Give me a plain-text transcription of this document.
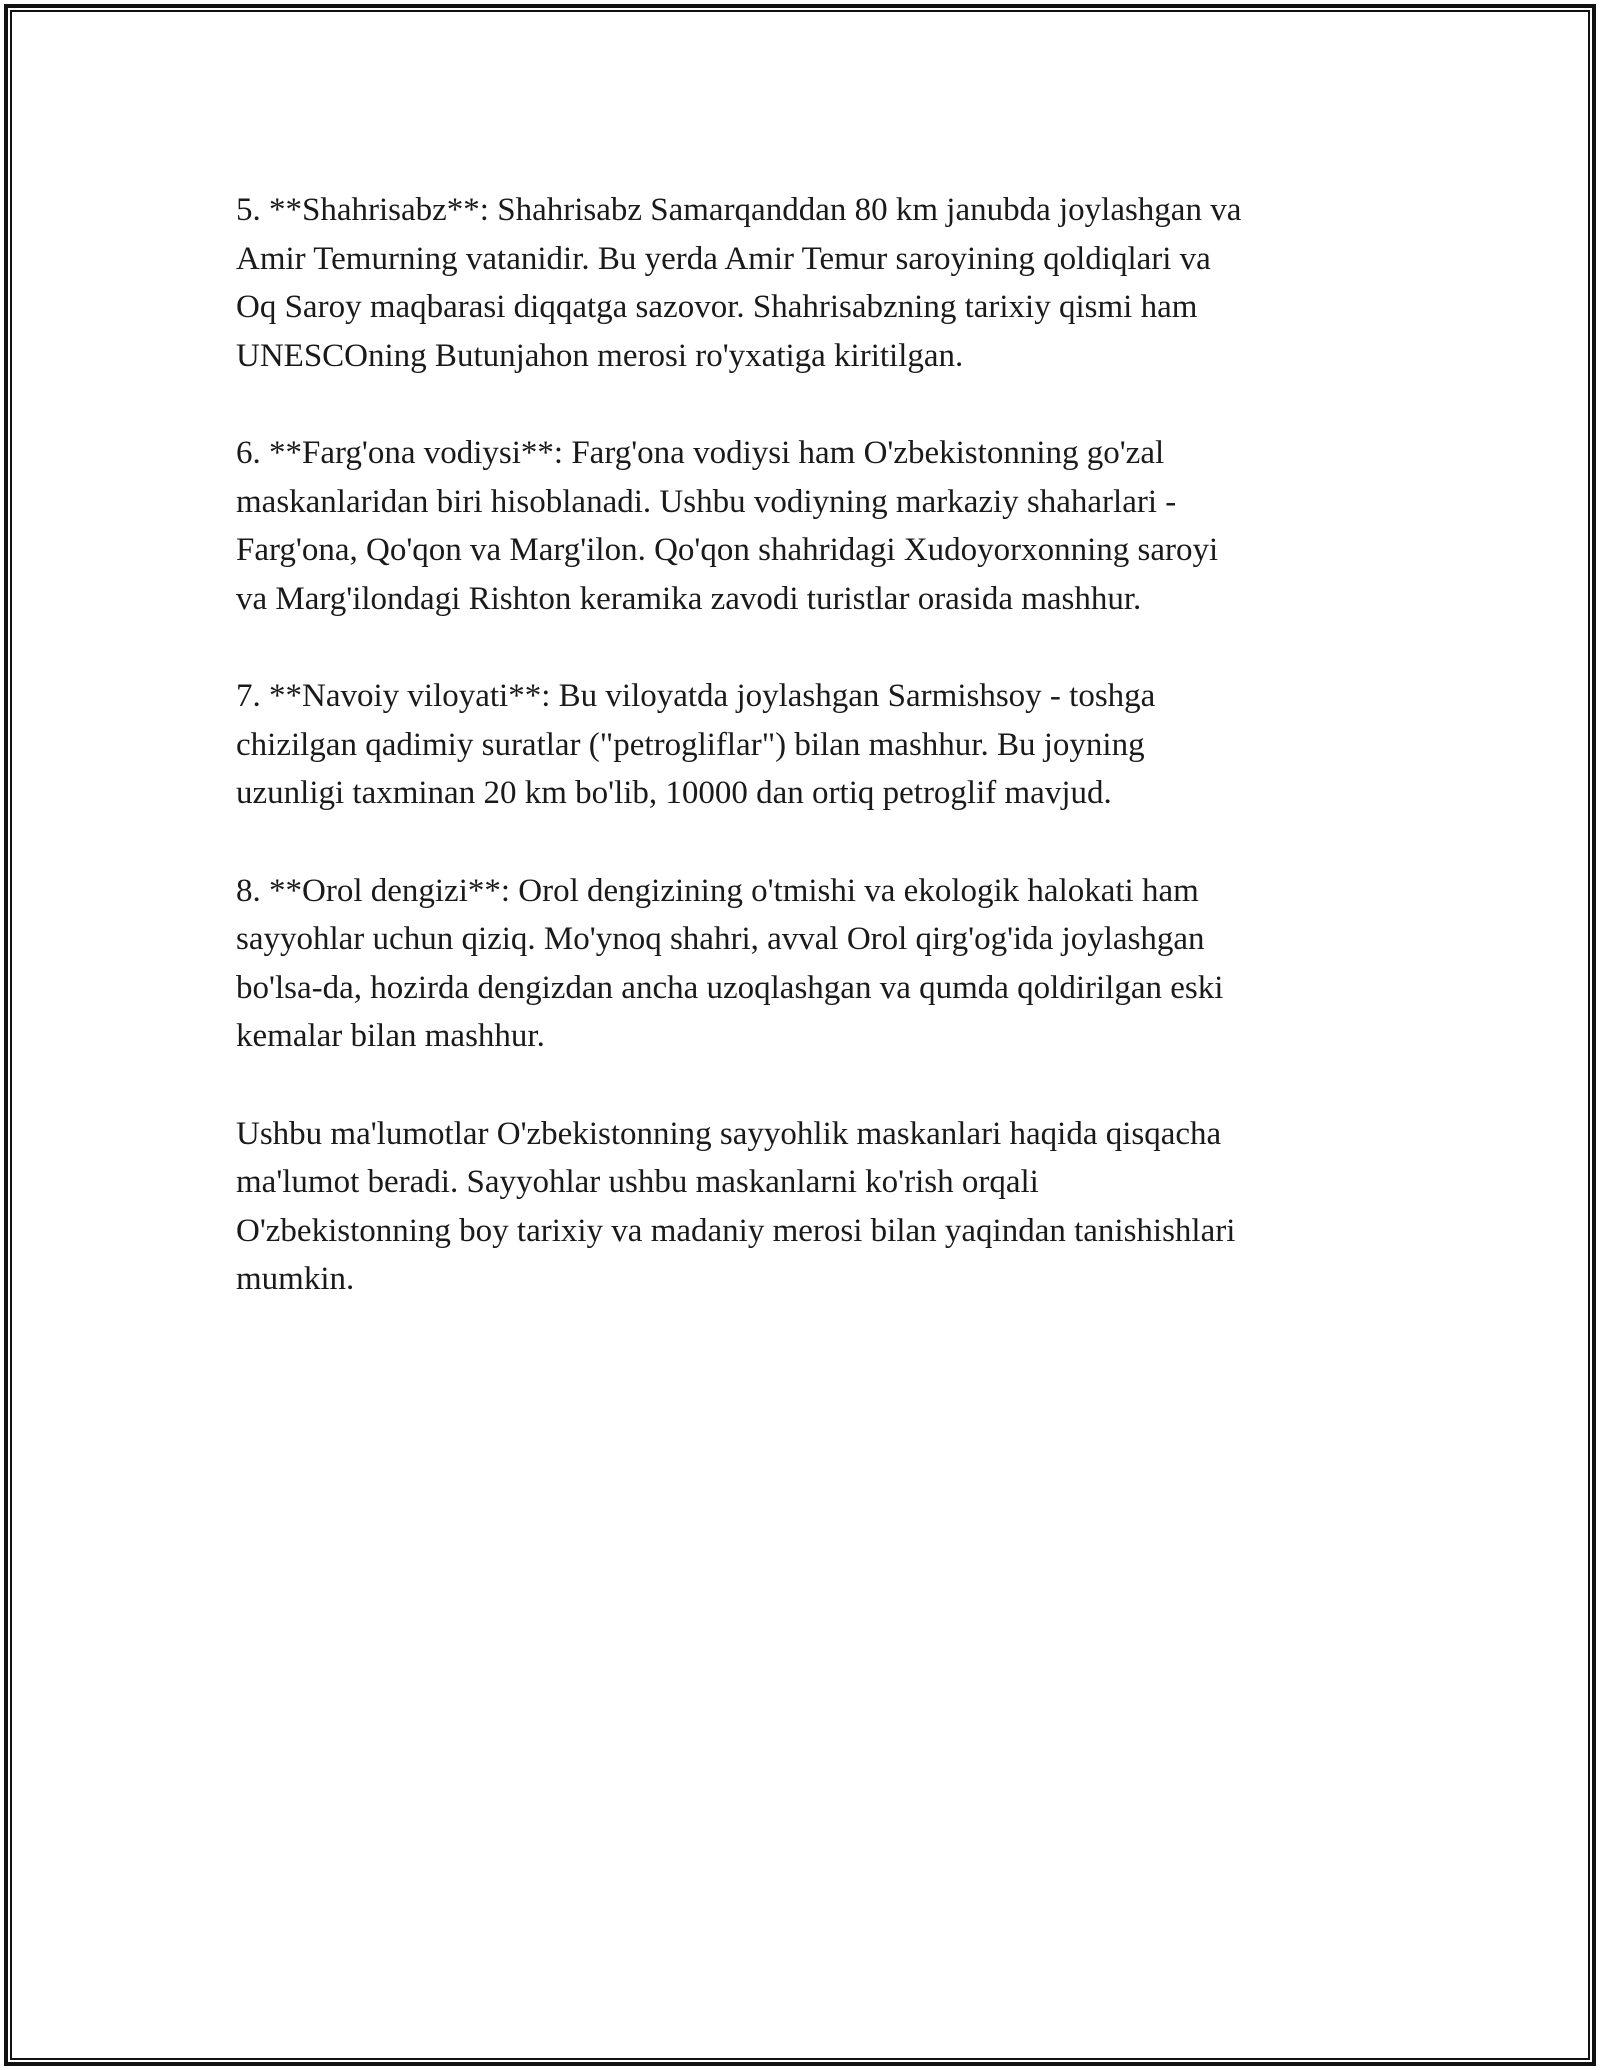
5. **Shahrisabz**: Shahrisabz Samarqanddan 80 km janubda joylashgan va
Amir Temurning vatanidir. Bu yerda Amir Temur saroyining qoldiqlari va
Oq Saroy maqbarasi diqqatga sazovor. Shahrisabzning tarixiy qismi ham
UNESCOning Butunjahon merosi ro'yxatiga kiritilgan.

6. **Farg'ona vodiysi**: Farg'ona vodiysi ham O'zbekistonning go'zal
maskanlaridan biri hisoblanadi. Ushbu vodiyning markaziy shaharlari -
Farg'ona, Qo'qon va Marg'ilon. Qo'qon shahridagi Xudoyorxonning saroyi
va Marg'ilondagi Rishton keramika zavodi turistlar orasida mashhur.

7. **Navoiy viloyati**: Bu viloyatda joylashgan Sarmishsoy - toshga
chizilgan qadimiy suratlar ("petrogliflar") bilan mashhur. Bu joyning
uzunligi taxminan 20 km bo'lib, 10000 dan ortiq petroglif mavjud.

8. **Orol dengizi**: Orol dengizining o'tmishi va ekologik halokati ham
sayyohlar uchun qiziq. Mo'ynoq shahri, avval Orol qirg'og'ida joylashgan
bo'lsa-da, hozirda dengizdan ancha uzoqlashgan va qumda qoldirilgan eski
kemalar bilan mashhur.

Ushbu ma'lumotlar O'zbekistonning sayyohlik maskanlari haqida qisqacha
ma'lumot beradi. Sayyohlar ushbu maskanlarni ko'rish orqali
O'zbekistonning boy tarixiy va madaniy merosi bilan yaqindan tanishishlari
mumkin.
